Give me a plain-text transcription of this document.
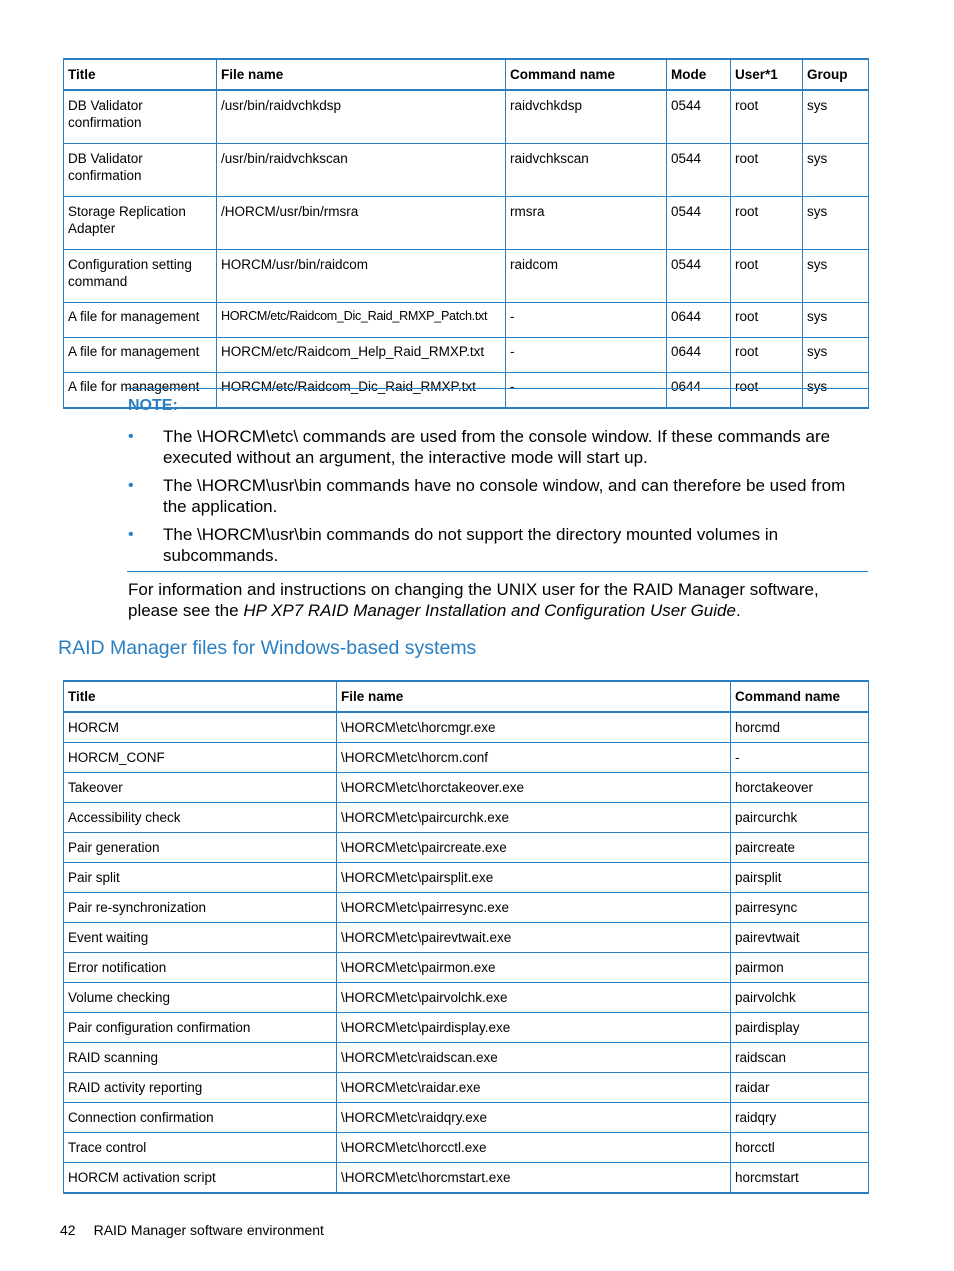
Title	File name	Command name	Mode	User*1	Group
DB Validator confirmation	/usr/bin/raidvchkdsp	raidvchkdsp	0544	root	sys
DB Validator confirmation	/usr/bin/raidvchkscan	raidvchkscan	0544	root	sys
Storage Replication Adapter	/HORCM/usr/bin/rmsra	rmsra	0544	root	sys
Configuration setting command	HORCM/usr/bin/raidcom	raidcom	0544	root	sys
A file for management	HORCM/etc/Raidcom_Dic_Raid_RMXP_Patch.txt	-	0644	root	sys
A file for management	HORCM/etc/Raidcom_Help_Raid_RMXP.txt	-	0644	root	sys
A file for management	HORCM/etc/Raidcom_Dic_Raid_RMXP.txt	-	0644	root	sys
NOTE:
• The \HORCM\etc\ commands are used from the console window. If these commands are executed without an argument, the interactive mode will start up.
• The \HORCM\usr\bin commands have no console window, and can therefore be used from the application.
• The \HORCM\usr\bin commands do not support the directory mounted volumes in subcommands.
For information and instructions on changing the UNIX user for the RAID Manager software, please see the HP XP7 RAID Manager Installation and Configuration User Guide.
RAID Manager files for Windows-based systems
Title	File name	Command name
HORCM	\HORCM\etc\horcmgr.exe	horcmd
HORCM_CONF	\HORCM\etc\horcm.conf	-
Takeover	\HORCM\etc\horctakeover.exe	horctakeover
Accessibility check	\HORCM\etc\paircurchk.exe	paircurchk
Pair generation	\HORCM\etc\paircreate.exe	paircreate
Pair split	\HORCM\etc\pairsplit.exe	pairsplit
Pair re-synchronization	\HORCM\etc\pairresync.exe	pairresync
Event waiting	\HORCM\etc\pairevtwait.exe	pairevtwait
Error notification	\HORCM\etc\pairmon.exe	pairmon
Volume checking	\HORCM\etc\pairvolchk.exe	pairvolchk
Pair configuration confirmation	\HORCM\etc\pairdisplay.exe	pairdisplay
RAID scanning	\HORCM\etc\raidscan.exe	raidscan
RAID activity reporting	\HORCM\etc\raidar.exe	raidar
Connection confirmation	\HORCM\etc\raidqry.exe	raidqry
Trace control	\HORCM\etc\horcctl.exe	horcctl
HORCM activation script	\HORCM\etc\horcmstart.exe	horcmstart
42 RAID Manager software environment
